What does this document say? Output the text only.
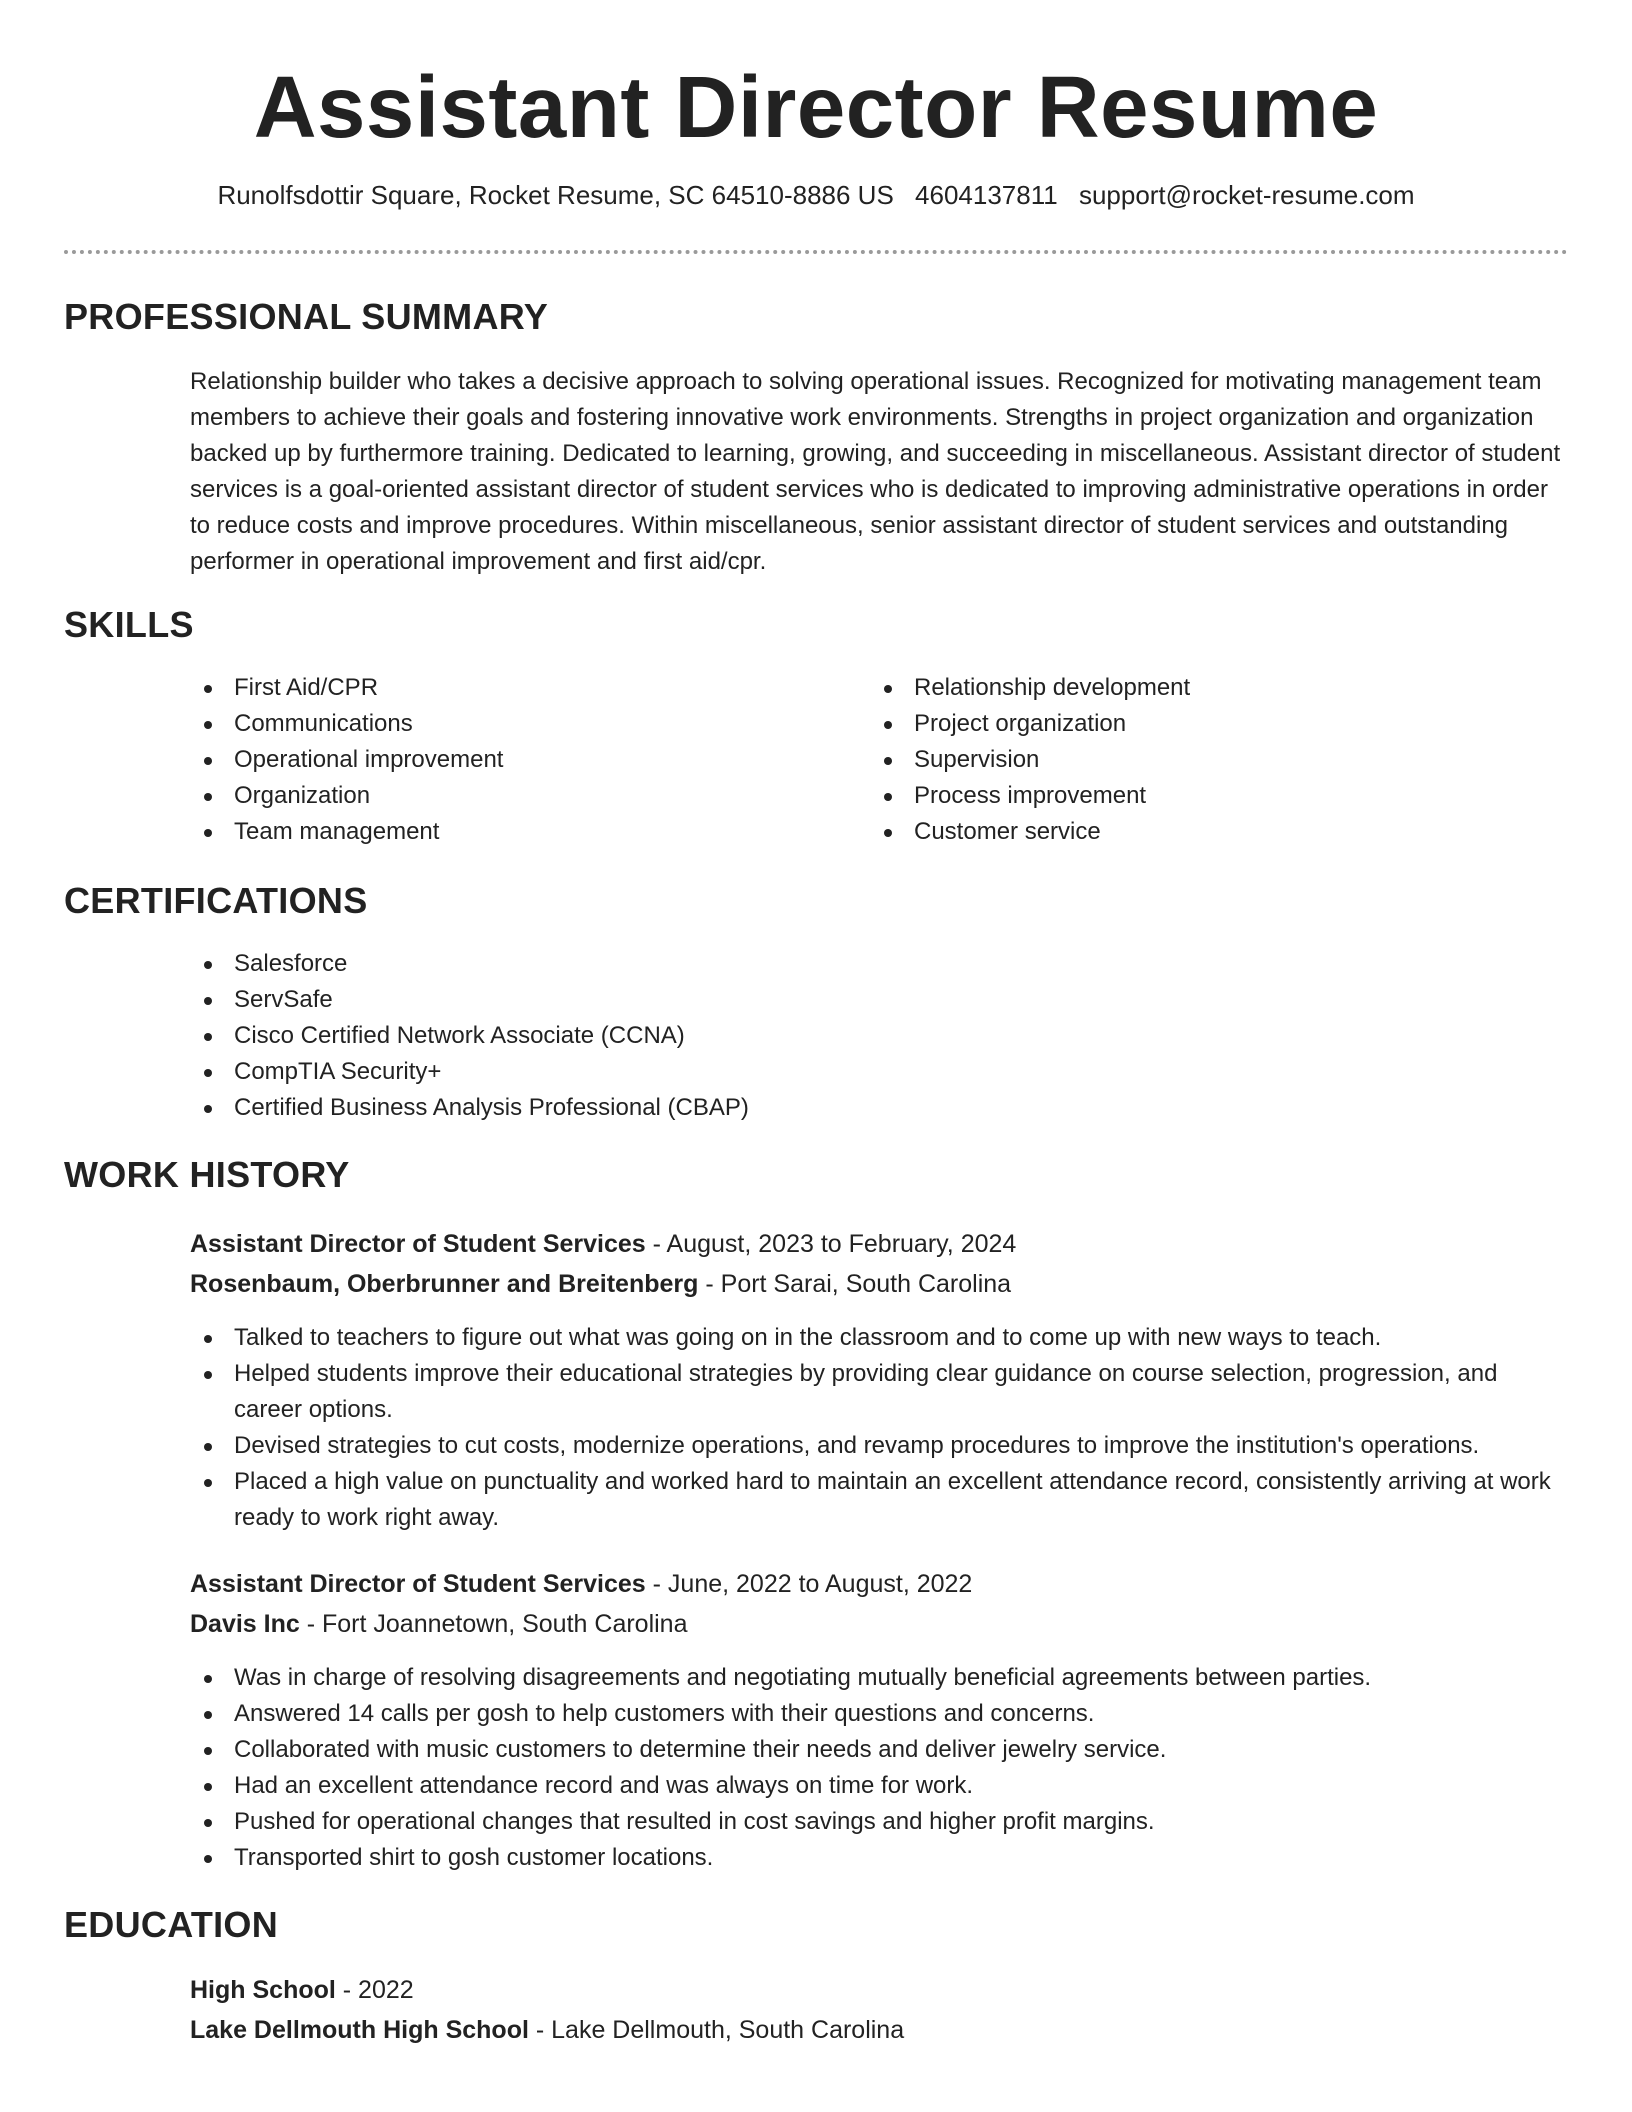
Assistant Director Resume
Runolfsdottir Square, Rocket Resume, SC 64510-8886 US 4604137811 support@rocket-resume.com
PROFESSIONAL SUMMARY
Relationship builder who takes a decisive approach to solving operational issues. Recognized for motivating management team members to achieve their goals and fostering innovative work environments. Strengths in project organization and organization backed up by furthermore training. Dedicated to learning, growing, and succeeding in miscellaneous. Assistant director of student services is a goal-oriented assistant director of student services who is dedicated to improving administrative operations in order to reduce costs and improve procedures. Within miscellaneous, senior assistant director of student services and outstanding performer in operational improvement and first aid/cpr.
SKILLS
First Aid/CPR
Communications
Operational improvement
Organization
Team management
Relationship development
Project organization
Supervision
Process improvement
Customer service
CERTIFICATIONS
Salesforce
ServSafe
Cisco Certified Network Associate (CCNA)
CompTIA Security+
Certified Business Analysis Professional (CBAP)
WORK HISTORY
Assistant Director of Student Services - August, 2023 to February, 2024
Rosenbaum, Oberbrunner and Breitenberg - Port Sarai, South Carolina
Talked to teachers to figure out what was going on in the classroom and to come up with new ways to teach.
Helped students improve their educational strategies by providing clear guidance on course selection, progression, and career options.
Devised strategies to cut costs, modernize operations, and revamp procedures to improve the institution's operations.
Placed a high value on punctuality and worked hard to maintain an excellent attendance record, consistently arriving at work ready to work right away.
Assistant Director of Student Services - June, 2022 to August, 2022
Davis Inc - Fort Joannetown, South Carolina
Was in charge of resolving disagreements and negotiating mutually beneficial agreements between parties.
Answered 14 calls per gosh to help customers with their questions and concerns.
Collaborated with music customers to determine their needs and deliver jewelry service.
Had an excellent attendance record and was always on time for work.
Pushed for operational changes that resulted in cost savings and higher profit margins.
Transported shirt to gosh customer locations.
EDUCATION
High School - 2022
Lake Dellmouth High School - Lake Dellmouth, South Carolina
